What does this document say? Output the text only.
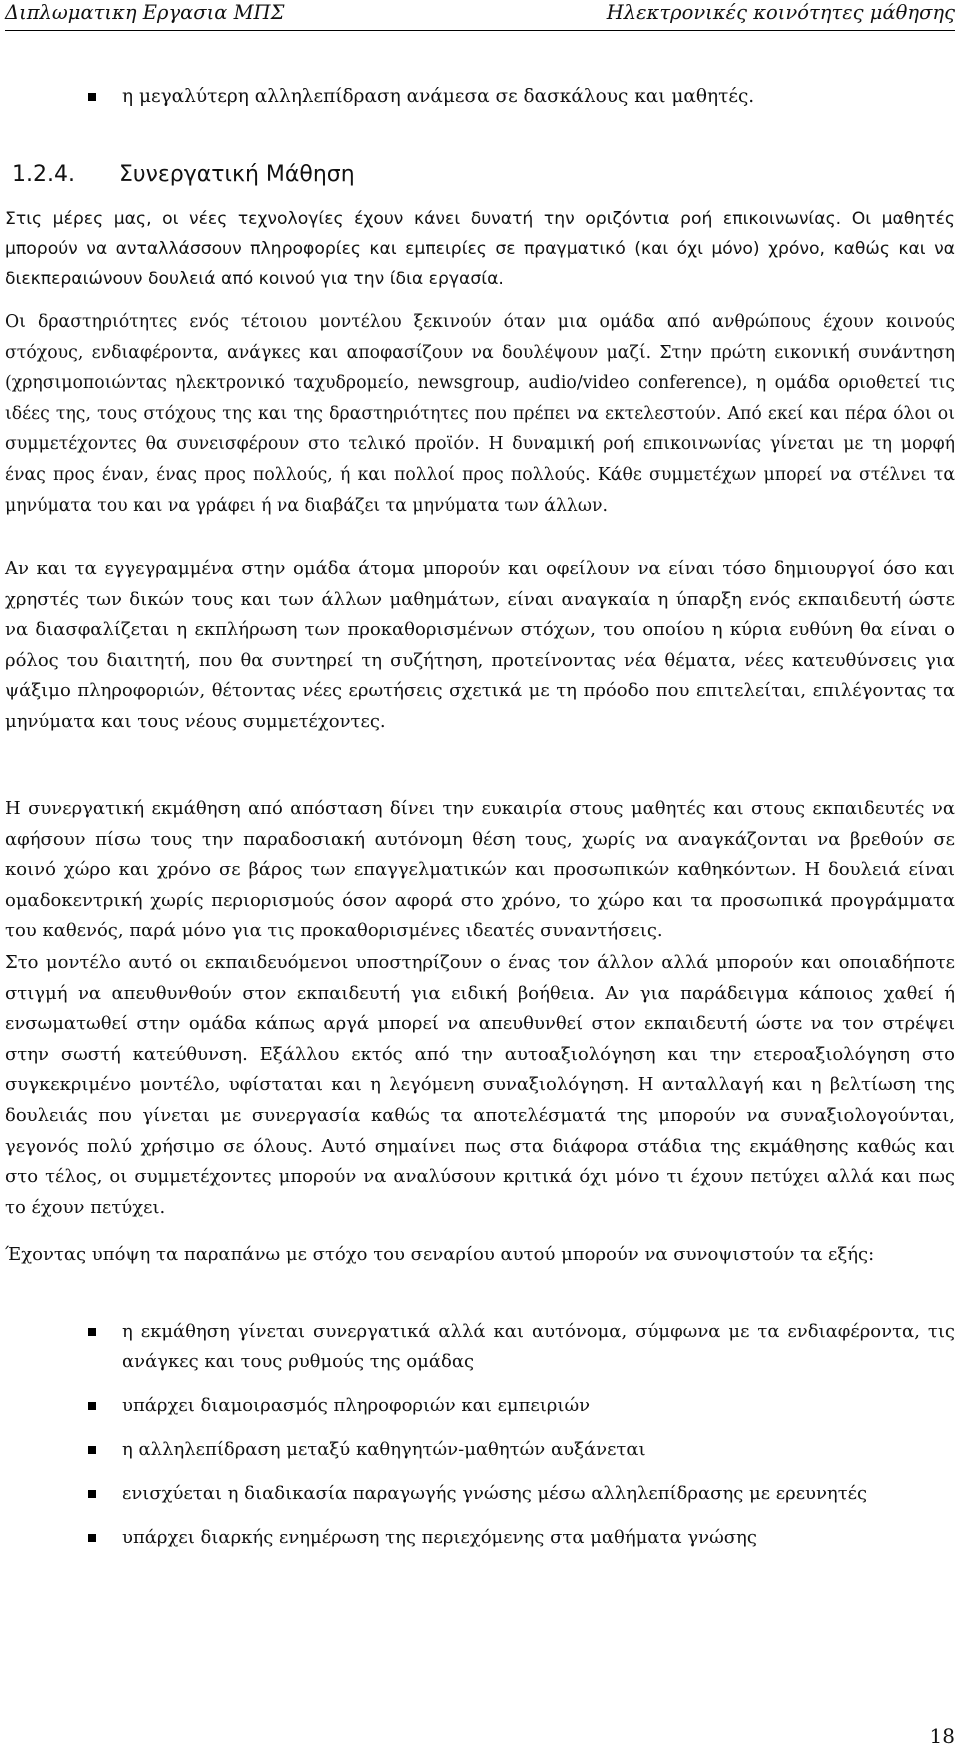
Διπλωματικη Εργασια ΜΠΣ	Ηλεκτρονικές κοινότητες μάθησης
η μεγαλύτερη αλληλεπίδραση ανάμεσα σε δασκάλους και μαθητές.
1.2.4. Συνεργατική Μάθηση

Στις μέρες μας, οι νέες τεχνολογίες έχουν κάνει δυνατή την οριζόντια ροή επικοινωνίας. Οι μαθητές μπορούν να ανταλλάσσουν πληροφορίες και εμπειρίες σε πραγματικό (και όχι μόνο) χρόνο, καθώς και να διεκπεραιώνουν δουλειά από κοινού για την ίδια εργασία.

Οι δραστηριότητες ενός τέτοιου μοντέλου ξεκινούν όταν μια ομάδα από ανθρώπους έχουν κοινούς στόχους, ενδιαφέροντα, ανάγκες και αποφασίζουν να δουλέψουν μαζί. Στην πρώτη εικονική συνάντηση (χρησιμοποιώντας ηλεκτρονικό ταχυδρομείο, newsgroup, audio/video conference), η ομάδα οριοθετεί τις ιδέες της, τους στόχους της και της δραστηριότητες που πρέπει να εκτελεστούν. Από εκεί και πέρα όλοι οι συμμετέχοντες θα συνεισφέρουν στο τελικό προϊόν. Η δυναμική ροή επικοινωνίας γίνεται με τη μορφή ένας προς έναν, ένας προς πολλούς, ή και πολλοί προς πολλούς. Κάθε συμμετέχων μπορεί να στέλνει τα μηνύματα του και να γράφει ή να διαβάζει τα μηνύματα των άλλων.

Αν και τα εγγεγραμμένα στην ομάδα άτομα μπορούν και οφείλουν να είναι τόσο δημιουργοί όσο και χρηστές των δικών τους και των άλλων μαθημάτων, είναι αναγκαία η ύπαρξη ενός εκπαιδευτή ώστε να διασφαλίζεται η εκπλήρωση των προκαθορισμένων στόχων, του οποίου η κύρια ευθύνη θα είναι ο ρόλος του διαιτητή, που θα συντηρεί τη συζήτηση, προτείνοντας νέα θέματα, νέες κατευθύνσεις για ψάξιμο πληροφοριών, θέτοντας νέες ερωτήσεις σχετικά με τη πρόοδο που επιτελείται, επιλέγοντας τα μηνύματα και τους νέους συμμετέχοντες.

Η συνεργατική εκμάθηση από απόσταση δίνει την ευκαιρία στους μαθητές και στους εκπαιδευτές να αφήσουν πίσω τους την παραδοσιακή αυτόνομη θέση τους, χωρίς να αναγκάζονται να βρεθούν σε κοινό χώρο και χρόνο σε βάρος των επαγγελματικών και προσωπικών καθηκόντων. Η δουλειά είναι ομαδοκεντρική χωρίς περιορισμούς όσον αφορά στο χρόνο, το χώρο και τα προσωπικά προγράμματα του καθενός, παρά μόνο για τις προκαθορισμένες ιδεατές συναντήσεις.

Στο μοντέλο αυτό οι εκπαιδευόμενοι υποστηρίζουν ο ένας τον άλλον αλλά μπορούν και οποιαδήποτε στιγμή να απευθυνθούν στον εκπαιδευτή για ειδική βοήθεια. Αν για παράδειγμα κάποιος χαθεί ή ενσωματωθεί στην ομάδα κάπως αργά μπορεί να απευθυνθεί στον εκπαιδευτή ώστε να τον στρέψει στην σωστή κατεύθυνση. Εξάλλου εκτός από την αυτοαξιολόγηση και την ετεροαξιολόγηση στο συγκεκριμένο μοντέλο, υφίσταται και η λεγόμενη συναξιολόγηση. Η ανταλλαγή και η βελτίωση της δουλειάς που γίνεται με συνεργασία καθώς τα αποτελέσματά της μπορούν να συναξιολογούνται, γεγονός πολύ χρήσιμο σε όλους. Αυτό σημαίνει πως στα διάφορα στάδια της εκμάθησης καθώς και στο τέλος, οι συμμετέχοντες μπορούν να αναλύσουν κριτικά όχι μόνο τι έχουν πετύχει αλλά και πως το έχουν πετύχει.

Έχοντας υπόψη τα παραπάνω με στόχο του σεναρίου αυτού μπορούν να συνοψιστούν τα εξής:

η εκμάθηση γίνεται συνεργατικά αλλά και αυτόνομα, σύμφωνα με τα ενδιαφέροντα, τις ανάγκες και τους ρυθμούς της ομάδας
υπάρχει διαμοιρασμός πληροφοριών και εμπειριών
η αλληλεπίδραση μεταξύ καθηγητών-μαθητών αυξάνεται
ενισχύεται η διαδικασία παραγωγής γνώσης μέσω αλληλεπίδρασης με ερευνητές
υπάρχει διαρκής ενημέρωση της περιεχόμενης στα μαθήματα γνώσης
18
